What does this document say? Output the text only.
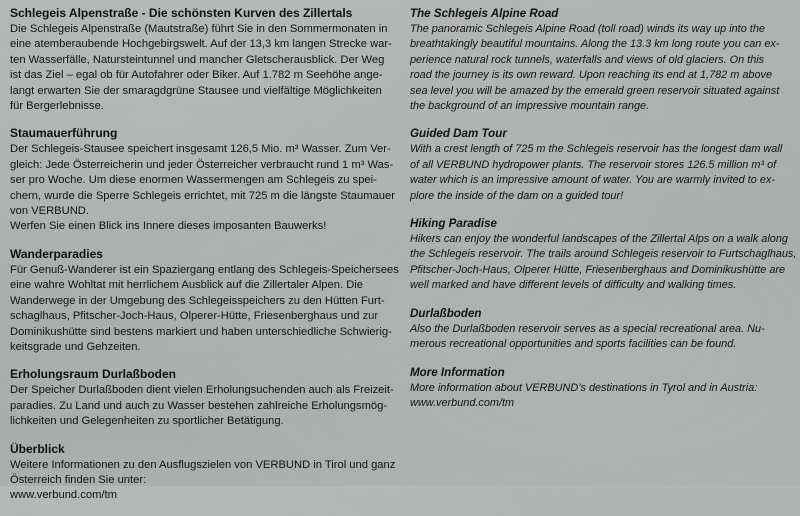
Schlegeis Alpenstraße - Die schönsten Kurven des Zillertals
Die Schlegeis Alpenstraße (Mautstraße) führt Sie in den Sommermonaten in
eine atemberaubende Hochgebirgswelt. Auf der 13,3 km langen Strecke war-
ten Wasserfälle, Natursteintunnel und mancher Gletscherausblick. Der Weg
ist das Ziel – egal ob für Autofahrer oder Biker. Auf 1.782 m Seehöhe ange-
langt erwarten Sie der smaragdgrüne Stausee und vielfältige Möglichkeiten
für Bergerlebnisse.
Staumauerführung
Der Schlegeis-Stausee speichert insgesamt 126,5 Mio. m³ Wasser. Zum Ver-
gleich: Jede Österreicherin und jeder Österreicher verbraucht rund 1 m³ Was-
ser pro Woche. Um diese enormen Wassermengen am Schlegeis zu spei-
chern, wurde die Sperre Schlegeis errichtet, mit 725 m die längste Staumauer
von VERBUND.
Werfen Sie einen Blick ins Innere dieses imposanten Bauwerks!
Wanderparadies
Für Genuß-Wanderer ist ein Spaziergang entlang des Schlegeis-Speichersees
eine wahre Wohltat mit herrlichem Ausblick auf die Zillertaler Alpen. Die
Wanderwege in der Umgebung des Schlegeisspeichers zu den Hütten Furt-
schaglhaus, Pfitscher-Joch-Haus, Olperer-Hütte, Friesenberghaus und zur
Dominikushütte sind bestens markiert und haben unterschiedliche Schwierig-
keitsgrade und Gehzeiten.
Erholungsraum Durlaßboden
Der Speicher Durlaßboden dient vielen Erholungsuchenden auch als Freizeit-
paradies. Zu Land und auch zu Wasser bestehen zahlreiche Erholungsmög-
lichkeiten und Gelegenheiten zu sportlicher Betätigung.
Überblick
Weitere Informationen zu den Ausflugszielen von VERBUND in Tirol und ganz
Österreich finden Sie unter:
www.verbund.com/tm
The Schlegeis Alpine Road
The panoramic Schlegeis Alpine Road (toll road) winds its way up into the
breathtakingly beautiful mountains. Along the 13.3 km long route you can ex-
perience natural rock tunnels, waterfalls and views of old glaciers. On this
road the journey is its own reward. Upon reaching its end at 1,782 m above
sea level you will be amazed by the emerald green reservoir situated against
the background of an impressive mountain range.
Guided Dam Tour
With a crest length of 725 m the Schlegeis reservoir has the longest dam wall
of all VERBUND hydropower plants. The reservoir stores 126.5 million m³ of
water which is an impressive amount of water. You are warmly invited to ex-
plore the inside of the dam on a guided tour!
Hiking Paradise
Hikers can enjoy the wonderful landscapes of the Zillertal Alps on a walk along
the Schlegeis reservoir. The trails around Schlegeis reservoir to Furtschaglhaus,
Pfitscher-Joch-Haus, Olperer Hütte, Friesenberghaus and Dominikushütte are
well marked and have different levels of difficulty and walking times.
Durlaßboden
Also the Durlaßboden reservoir serves as a special recreational area. Nu-
merous recreational opportunities and sports facilities can be found.
More Information
More information about VERBUND’s destinations in Tyrol and in Austria:
www.verbund.com/tm
